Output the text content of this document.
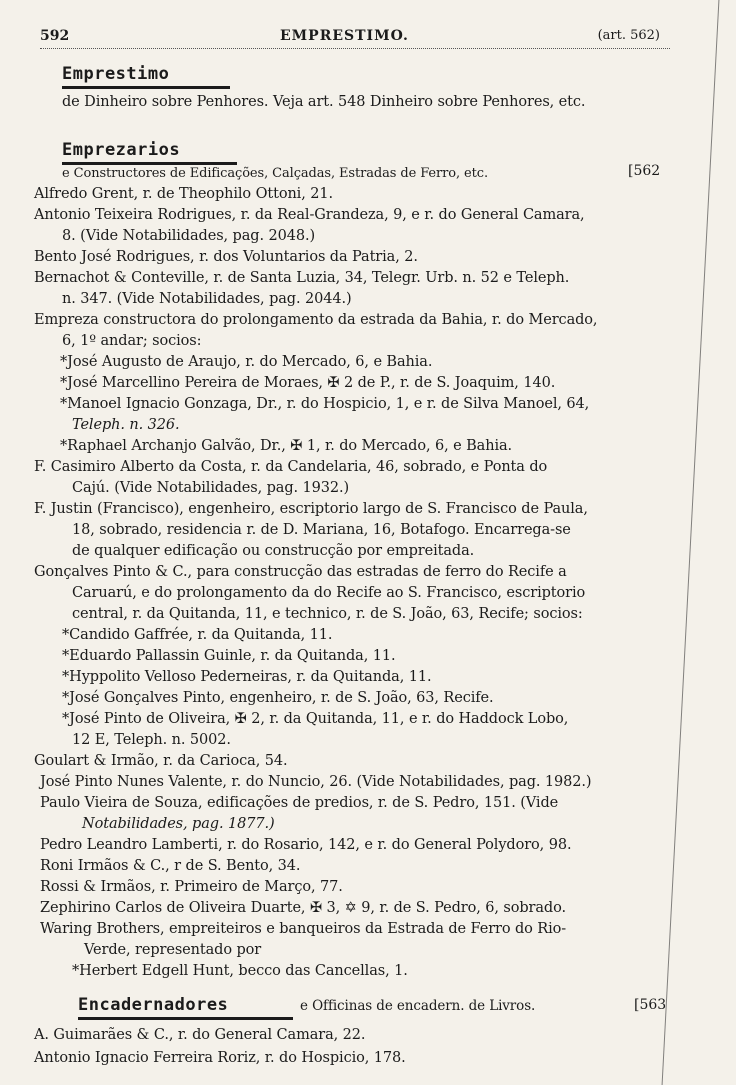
592	EMPRESTIMO.	(art. 562)
Emprestimo
de Dinheiro sobre Penhores. Veja art. 548 Dinheiro sobre Penhores, etc.
Emprezarios
[562
e Constructores de Edificações, Calçadas, Estradas de Ferro, etc.
Alfredo Grent, r. de Theophilo Ottoni, 21.
Antonio Teixeira Rodrigues, r. da Real-Grandeza, 9, e r. do General Camara,
8. (Vide Notabilidades, pag. 2048.)
Bento José Rodrigues, r. dos Voluntarios da Patria, 2.
Bernachot & Conteville, r. de Santa Luzia, 34, Telegr. Urb. n. 52 e Teleph.
n. 347. (Vide Notabilidades, pag. 2044.)
Empreza constructora do prolongamento da estrada da Bahia, r. do Mercado,
6, 1º andar; socios:
*José Augusto de Araujo, r. do Mercado, 6, e Bahia.
*José Marcellino Pereira de Moraes, ✠ 2 de P., r. de S. Joaquim, 140.
*Manoel Ignacio Gonzaga, Dr., r. do Hospicio, 1, e r. de Silva Manoel, 64,
Teleph. n. 326.
*Raphael Archanjo Galvão, Dr., ✠ 1, r. do Mercado, 6, e Bahia.
F. Casimiro Alberto da Costa, r. da Candelaria, 46, sobrado, e Ponta do
Cajú. (Vide Notabilidades, pag. 1932.)
F. Justin (Francisco), engenheiro, escriptorio largo de S. Francisco de Paula,
18, sobrado, residencia r. de D. Mariana, 16, Botafogo. Encarrega-se
de qualquer edificação ou construcção por empreitada.
Gonçalves Pinto & C., para construcção das estradas de ferro do Recife a
Caruarú, e do prolongamento da do Recife ao S. Francisco, escriptorio
central, r. da Quitanda, 11, e technico, r. de S. João, 63, Recife; socios:
*Candido Gaffrée, r. da Quitanda, 11.
*Eduardo Pallassin Guinle, r. da Quitanda, 11.
*Hyppolito Velloso Pederneiras, r. da Quitanda, 11.
*José Gonçalves Pinto, engenheiro, r. de S. João, 63, Recife.
*José Pinto de Oliveira, ✠ 2, r. da Quitanda, 11, e r. do Haddock Lobo,
12 E, Teleph. n. 5002.
Goulart & Irmão, r. da Carioca, 54.
José Pinto Nunes Valente, r. do Nuncio, 26. (Vide Notabilidades, pag. 1982.)
Paulo Vieira de Souza, edificações de predios, r. de S. Pedro, 151. (Vide
Notabilidades, pag. 1877.)
Pedro Leandro Lamberti, r. do Rosario, 142, e r. do General Polydoro, 98.
Roni Irmãos & C., r de S. Bento, 34.
Rossi & Irmãos, r. Primeiro de Março, 77.
Zephirino Carlos de Oliveira Duarte, ✠ 3, ✡ 9, r. de S. Pedro, 6, sobrado.
Waring Brothers, empreiteiros e banqueiros da Estrada de Ferro do Rio-
Verde, representado por
*Herbert Edgell Hunt, becco das Cancellas, 1.
Encadernadores	e Officinas de encadern. de Livros.	[563
A. Guimarães & C., r. do General Camara, 22.
Antonio Ignacio Ferreira Roriz, r. do Hospicio, 178.
